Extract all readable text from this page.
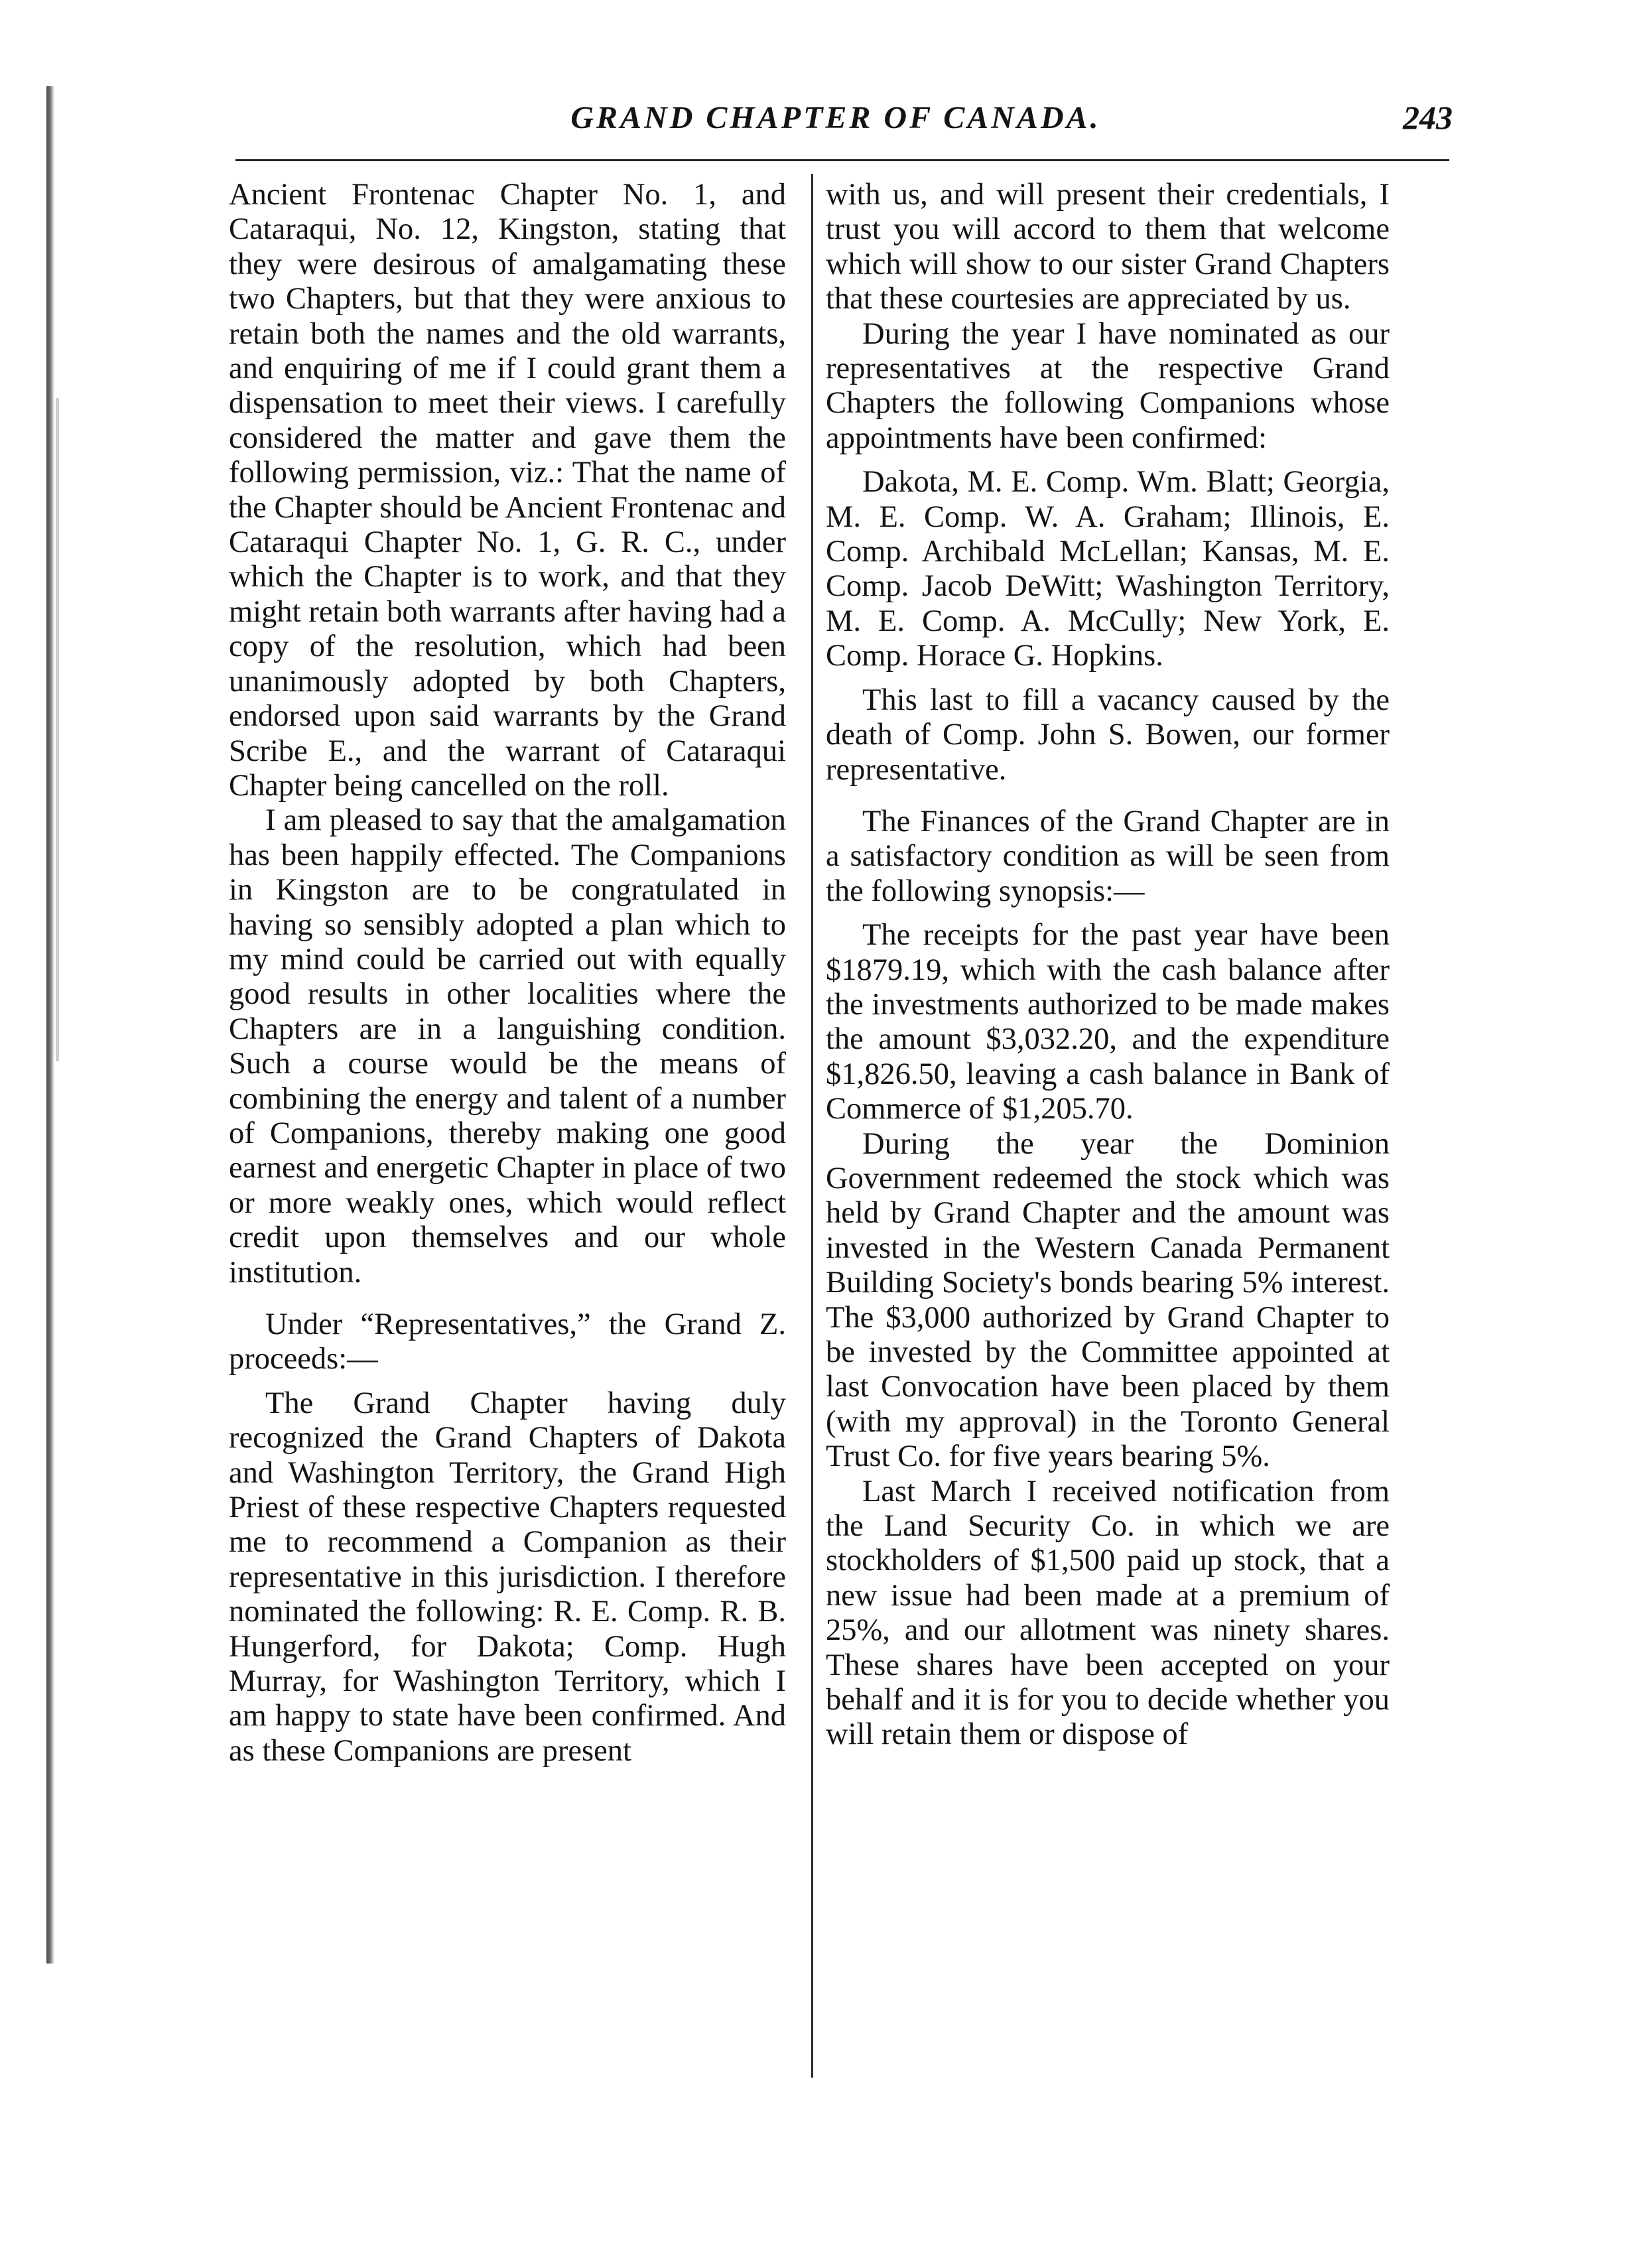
GRAND CHAPTER OF CANADA.	243

Ancient Frontenac Chapter No. 1, and Cataraqui, No. 12, Kingston, stating that they were desirous of amalgamating these two Chapters, but that they were anxious to retain both the names and the old warrants, and enquiring of me if I could grant them a dispensation to meet their views. I carefully considered the matter and gave them the following permission, viz.: That the name of the Chapter should be Ancient Frontenac and Cataraqui Chapter No. 1, G. R. C., under which the Chapter is to work, and that they might retain both warrants after having had a copy of the resolution, which had been unanimously adopted by both Chapters, endorsed upon said warrants by the Grand Scribe E., and the warrant of Cataraqui Chapter being cancelled on the roll.

I am pleased to say that the amalgamation has been happily effected. The Companions in Kingston are to be congratulated in having so sensibly adopted a plan which to my mind could be carried out with equally good results in other localities where the Chapters are in a languishing condition. Such a course would be the means of combining the energy and talent of a number of Companions, thereby making one good earnest and energetic Chapter in place of two or more weakly ones, which would reflect credit upon themselves and our whole institution.

Under “Representatives,” the Grand Z. proceeds:—

The Grand Chapter having duly recognized the Grand Chapters of Dakota and Washington Territory, the Grand High Priest of these respective Chapters requested me to recommend a Companion as their representative in this jurisdiction. I therefore nominated the following: R. E. Comp. R. B. Hungerford, for Dakota; Comp. Hugh Murray, for Washington Territory, which I am happy to state have been confirmed. And as these Companions are present

with us, and will present their credentials, I trust you will accord to them that welcome which will show to our sister Grand Chapters that these courtesies are appreciated by us.

During the year I have nominated as our representatives at the respective Grand Chapters the following Companions whose appointments have been confirmed:

Dakota, M. E. Comp. Wm. Blatt; Georgia, M. E. Comp. W. A. Graham; Illinois, E. Comp. Archibald McLellan; Kansas, M. E. Comp. Jacob DeWitt; Washington Territory, M. E. Comp. A. McCully; New York, E. Comp. Horace G. Hopkins.

This last to fill a vacancy caused by the death of Comp. John S. Bowen, our former representative.

The Finances of the Grand Chapter are in a satisfactory condition as will be seen from the following synopsis:—

The receipts for the past year have been $1879.19, which with the cash balance after the investments authorized to be made makes the amount $3,032.20, and the expenditure $1,826.50, leaving a cash balance in Bank of Commerce of $1,205.70.

During the year the Dominion Government redeemed the stock which was held by Grand Chapter and the amount was invested in the Western Canada Permanent Building Society's bonds bearing 5% interest. The $3,000 authorized by Grand Chapter to be invested by the Committee appointed at last Convocation have been placed by them (with my approval) in the Toronto General Trust Co. for five years bearing 5%.

Last March I received notification from the Land Security Co. in which we are stockholders of $1,500 paid up stock, that a new issue had been made at a premium of 25%, and our allotment was ninety shares. These shares have been accepted on your behalf and it is for you to decide whether you will retain them or dispose of
